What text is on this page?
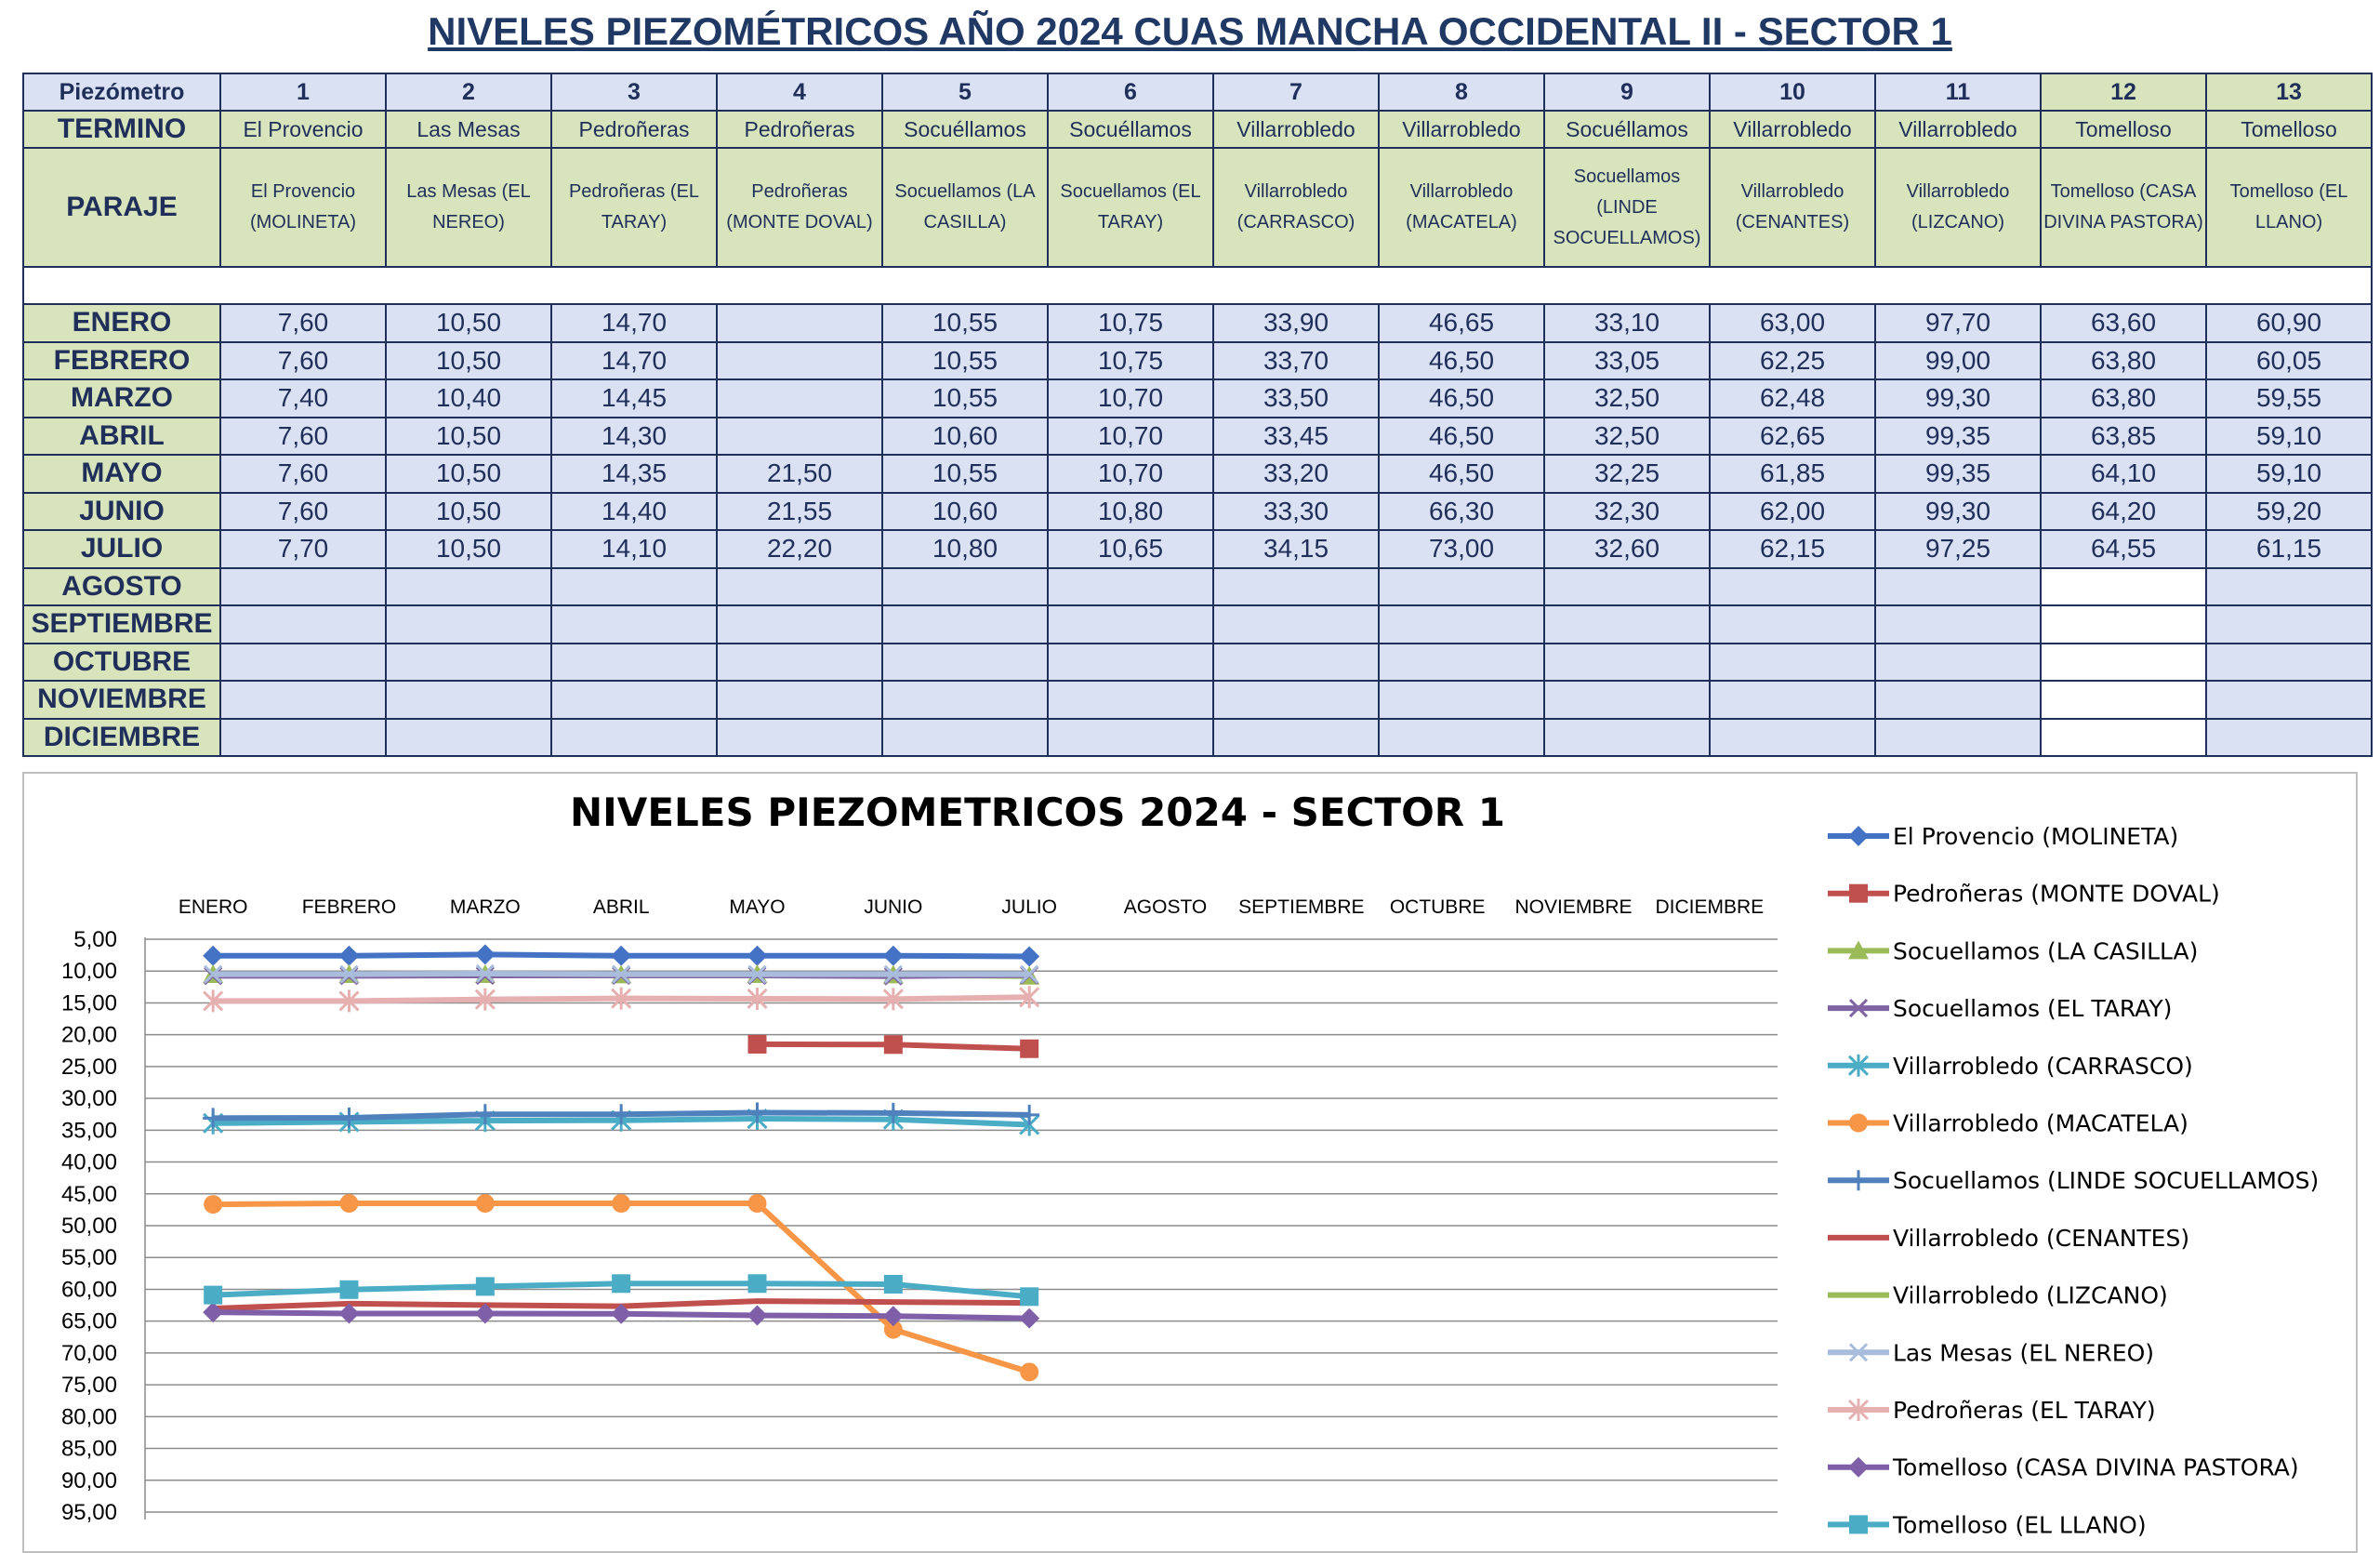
NIVELES PIEZOMÉTRICOS AÑO 2024 CUAS MANCHA OCCIDENTAL II - SECTOR 1
Piezómetro	1	2	3	4	5	6	7	8	9	10	11	12	13
TERMINO	El Provencio	Las Mesas	Pedroñeras	Pedroñeras	Socuéllamos	Socuéllamos	Villarrobledo	Villarrobledo	Socuéllamos	Villarrobledo	Villarrobledo	Tomelloso	Tomelloso
PARAJE	El Provencio (MOLINETA)	Las Mesas (EL NEREO)	Pedroñeras (EL TARAY)	Pedroñeras (MONTE DOVAL)	Socuellamos (LA CASILLA)	Socuellamos (EL TARAY)	Villarrobledo (CARRASCO)	Villarrobledo (MACATELA)	Socuellamos (LINDE SOCUELLAMOS)	Villarrobledo (CENANTES)	Villarrobledo (LIZCANO)	Tomelloso (CASA DIVINA PASTORA)	Tomelloso (EL LLANO)

ENERO	7,60	10,50	14,70		10,55	10,75	33,90	46,65	33,10	63,00	97,70	63,60	60,90
FEBRERO	7,60	10,50	14,70		10,55	10,75	33,70	46,50	33,05	62,25	99,00	63,80	60,05
MARZO	7,40	10,40	14,45		10,55	10,70	33,50	46,50	32,50	62,48	99,30	63,80	59,55
ABRIL	7,60	10,50	14,30		10,60	10,70	33,45	46,50	32,50	62,65	99,35	63,85	59,10
MAYO	7,60	10,50	14,35	21,50	10,55	10,70	33,20	46,50	32,25	61,85	99,35	64,10	59,10
JUNIO	7,60	10,50	14,40	21,55	10,60	10,80	33,30	66,30	32,30	62,00	99,30	64,20	59,20
JULIO	7,70	10,50	14,10	22,20	10,80	10,65	34,15	73,00	32,60	62,15	97,25	64,55	61,15
AGOSTO													
SEPTIEMBRE													
OCTUBRE													
NOVIEMBRE													
DICIEMBRE													
NIVELES PIEZOMETRICOS 2024 - SECTOR 1
5,00
10,00
15,00
20,00
25,00
30,00
35,00
40,00
45,00
50,00
55,00
60,00
65,00
70,00
75,00
80,00
85,00
90,00
95,00
ENERO	FEBRERO	MARZO	ABRIL	MAYO	JUNIO	JULIO	AGOSTO SEPTIEMBRE OCTUBRE NOVIEMBRE DICIEMBRE
El Provencio (MOLINETA)
Pedroñeras (MONTE DOVAL)
Socuellamos (LA CASILLA)
Socuellamos (EL TARAY)
Villarrobledo (CARRASCO)
Villarrobledo (MACATELA)
Socuellamos (LINDE SOCUELLAMOS)
Villarrobledo (CENANTES)
Villarrobledo (LIZCANO)
Las Mesas (EL NEREO)
Pedroñeras (EL TARAY)
Tomelloso (CASA DIVINA PASTORA)
Tomelloso (EL LLANO)
